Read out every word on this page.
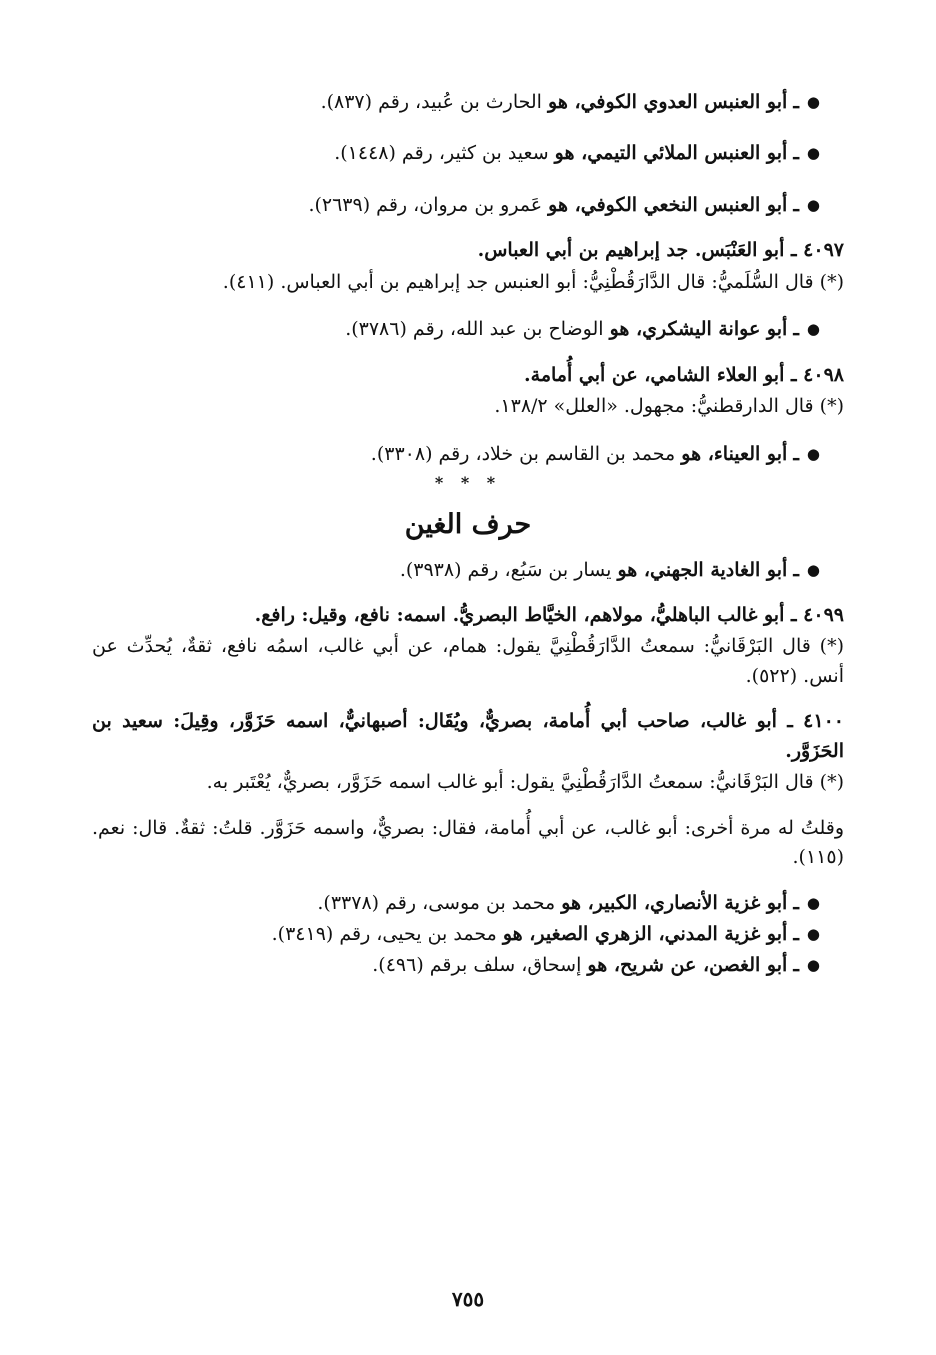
●ـ أبو العنبس العدوي الكوفي، هو الحارث بن عُبيد، رقم (٨٣٧).

●ـ أبو العنبس الملائي التيمي، هو سعيد بن كثير، رقم (١٤٤٨).

●ـ أبو العنبس النخعي الكوفي، هو عَمرو بن مروان، رقم (٢٦٣٩).

٤٠٩٧ ـ أبو العَنْبَس. جد إبراهيم بن أبي العباس.

(*) قال السُّلَميُّ: قال الدَّارَقُطْنِيُّ: أبو العنبس جد إبراهيم بن أبي العباس. (٤١١).

●ـ أبو عوانة اليشكري، هو الوضاح بن عبد الله، رقم (٣٧٨٦).

٤٠٩٨ ـ أبو العلاء الشامي، عن أبي أُمامة.

(*) قال الدارقطنيُّ: مجهول. «العلل» ١٣٨/٢.

●ـ أبو العيناء، هو محمد بن القاسم بن خلاد، رقم (٣٣٠٨).

* * *

حرف الغين

●ـ أبو الغادية الجهني، هو يسار بن سَبُع، رقم (٣٩٣٨).

٤٠٩٩ ـ أبو غالب الباهليُّ، مولاهم، الخيَّاط البصريُّ. اسمه: نافع، وقيل: رافع.

(*) قال البَرْقَانيُّ: سمعتُ الدَّارَقُطْنِيَّ يقول: همام، عن أبي غالب، اسمُه نافع، ثقةٌ، يُحدِّث عن أنس. (٥٢٢).

٤١٠٠ ـ أبو غالب، صاحب أبي أُمامة، بصريٌّ، ويُقَال: أصبهانيٌّ، اسمه حَزَوَّر، وقِيلَ: سعيد بن الحَزَوَّر.

(*) قال البَرْقَانيُّ: سمعتُ الدَّارَقُطْنِيَّ يقول: أبو غالب اسمه حَزَوَّر، بصريٌّ، يُعْتَبر به.

وقلتُ له مرة أخرى: أبو غالب، عن أبي أُمامة، فقال: بصريٌّ، واسمه حَزَوَّر. قلتُ: ثقةٌ. قال: نعم. (١١٥).

●ـ أبو غزية الأنصاري، الكبير، هو محمد بن موسى، رقم (٣٣٧٨).

●ـ أبو غزية المدني، الزهري الصغير، هو محمد بن يحيى، رقم (٣٤١٩).

●ـ أبو الغصن، عن شريح، هو إسحاق، سلف برقم (٤٩٦).

٧٥٥
